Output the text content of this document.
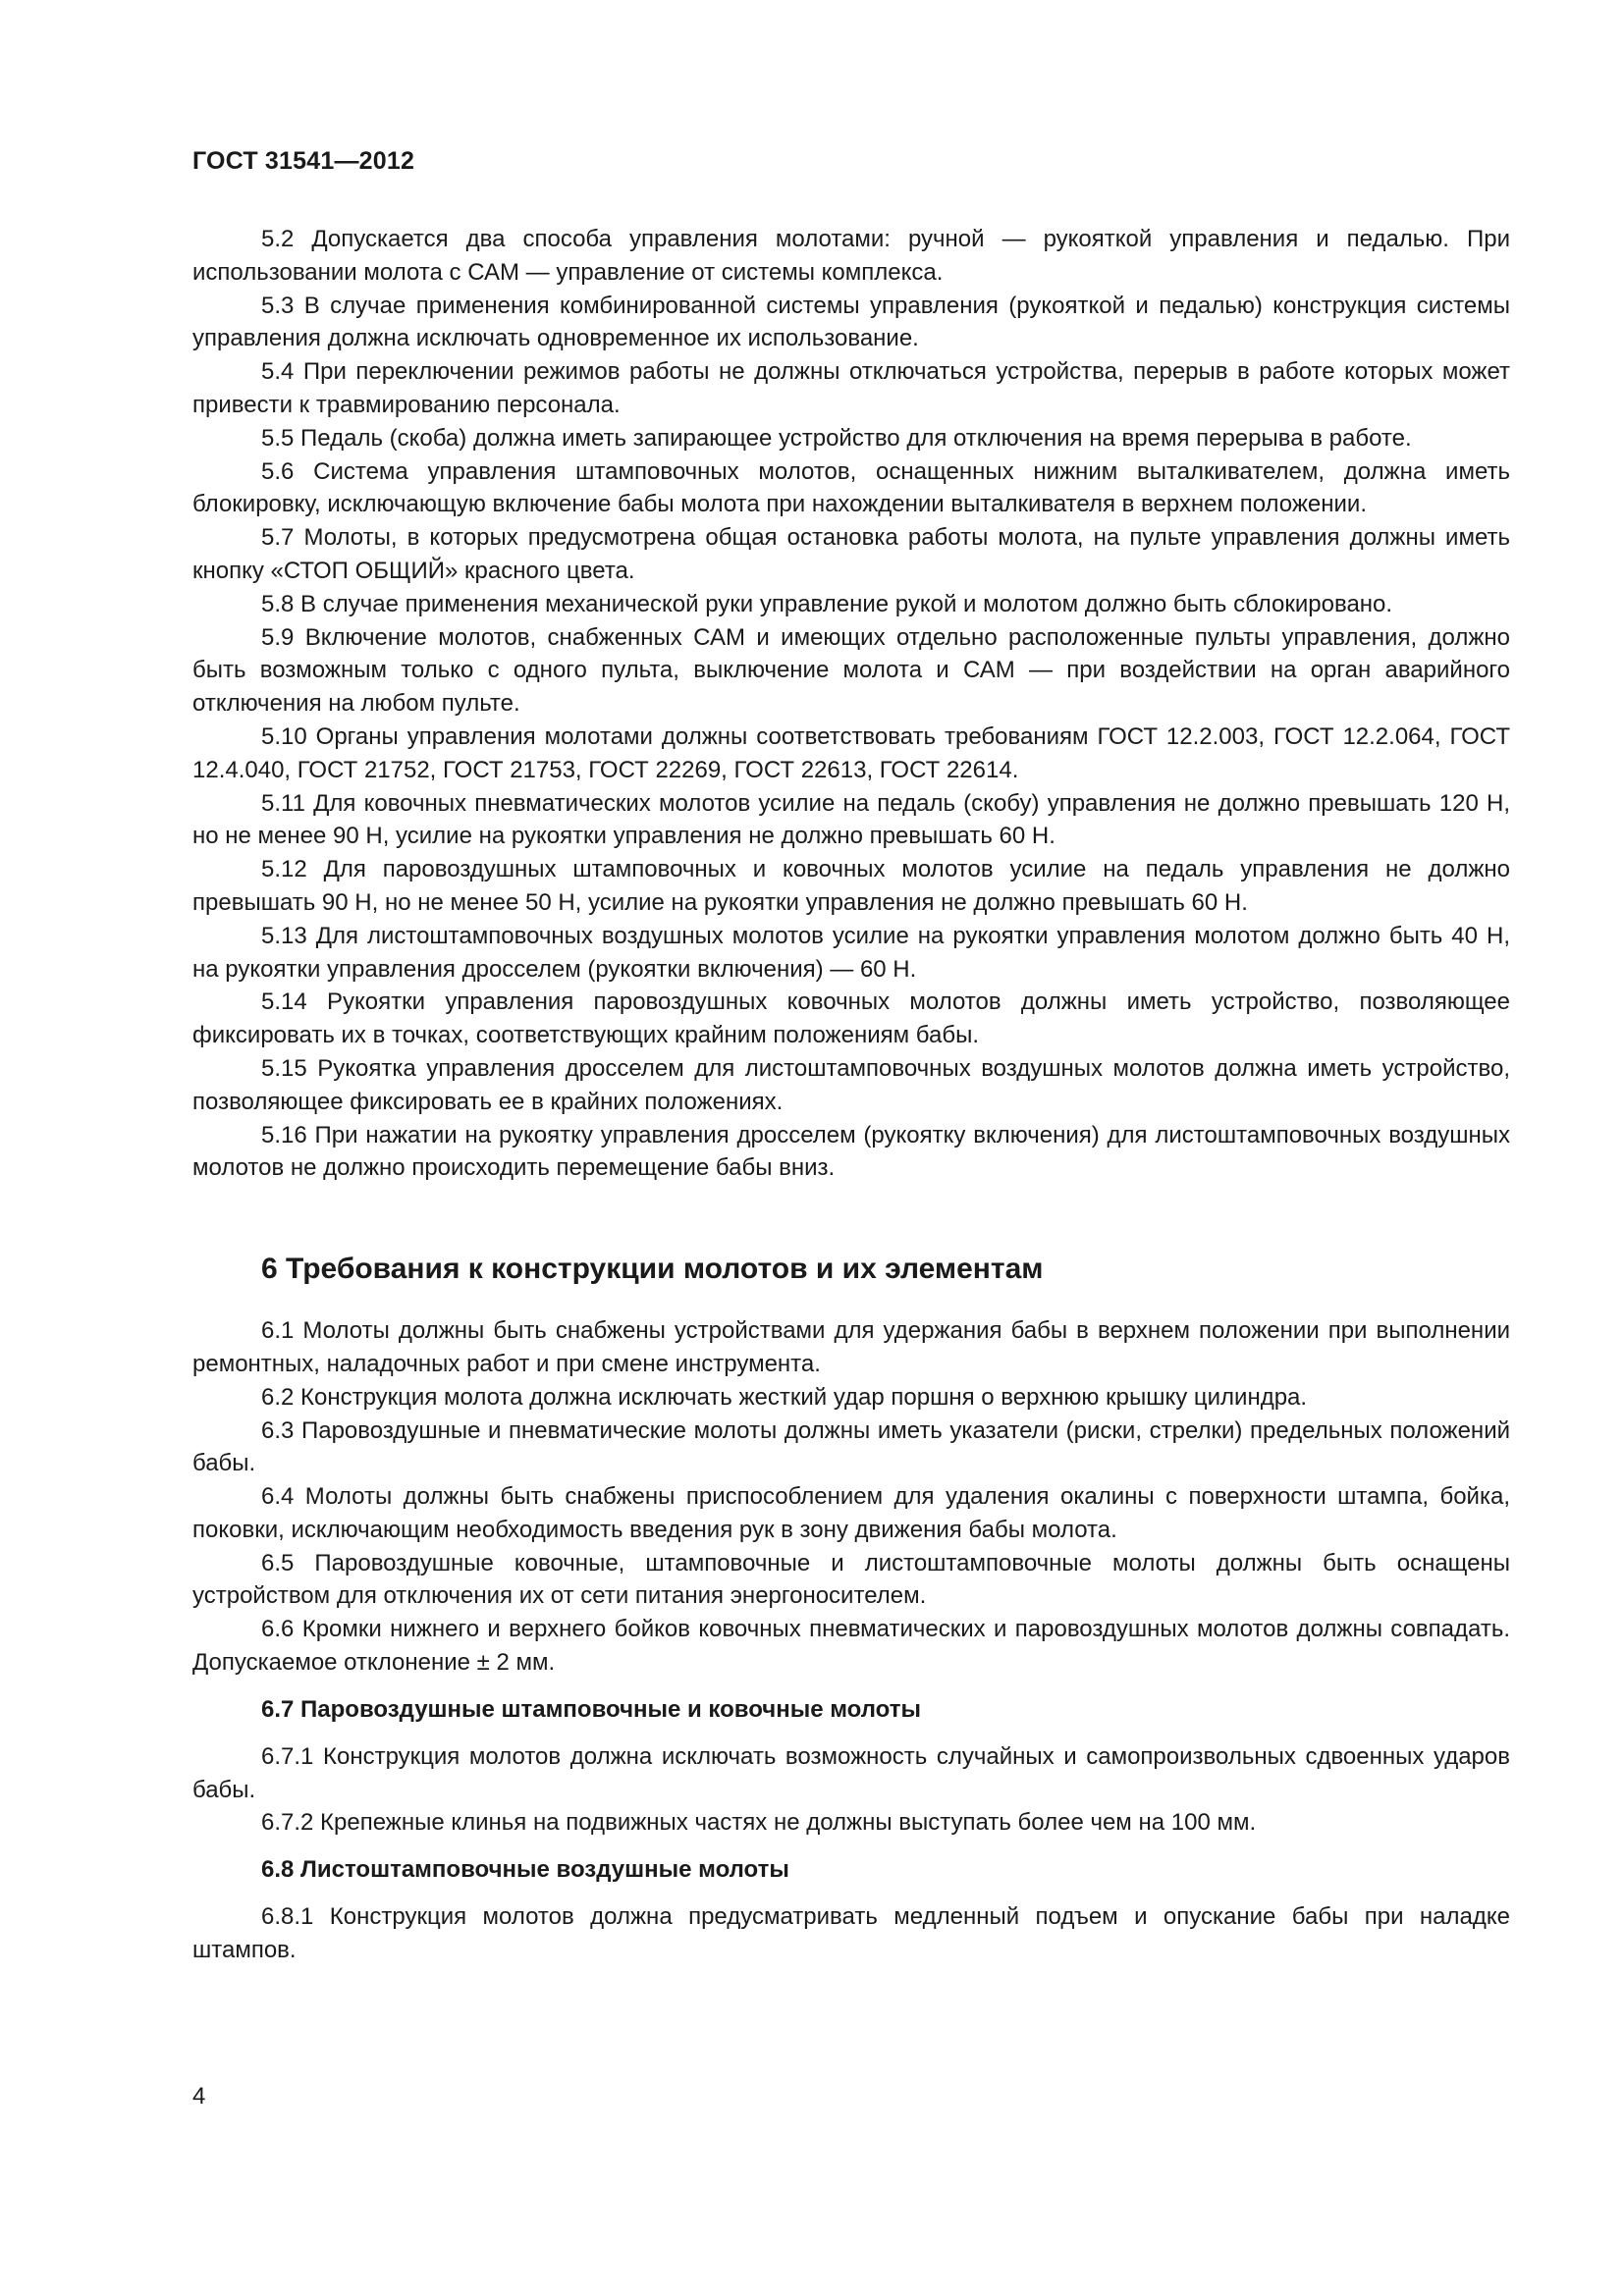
ГОСТ 31541—2012

5.2 Допускается два способа управления молотами: ручной — рукояткой управления и педалью. При использовании молота с САМ — управление от системы комплекса.

5.3 В случае применения комбинированной системы управления (рукояткой и педалью) конструкция системы управления должна исключать одновременное их использование.

5.4 При переключении режимов работы не должны отключаться устройства, перерыв в работе которых может привести к травмированию персонала.

5.5 Педаль (скоба) должна иметь запирающее устройство для отключения на время перерыва в работе.

5.6 Система управления штамповочных молотов, оснащенных нижним выталкивателем, должна иметь блокировку, исключающую включение бабы молота при нахождении выталкивателя в верхнем положении.

5.7 Молоты, в которых предусмотрена общая остановка работы молота, на пульте управления должны иметь кнопку «СТОП ОБЩИЙ» красного цвета.

5.8 В случае применения механической руки управление рукой и молотом должно быть сблокировано.

5.9 Включение молотов, снабженных САМ и имеющих отдельно расположенные пульты управления, должно быть возможным только с одного пульта, выключение молота и САМ — при воздействии на орган аварийного отключения на любом пульте.

5.10 Органы управления молотами должны соответствовать требованиям ГОСТ 12.2.003, ГОСТ 12.2.064, ГОСТ 12.4.040, ГОСТ 21752, ГОСТ 21753, ГОСТ 22269, ГОСТ 22613, ГОСТ 22614.

5.11 Для ковочных пневматических молотов усилие на педаль (скобу) управления не должно превышать 120 Н, но не менее 90 Н, усилие на рукоятки управления не должно превышать 60 Н.

5.12 Для паровоздушных штамповочных и ковочных молотов усилие на педаль управления не должно превышать 90 Н, но не менее 50 Н, усилие на рукоятки управления не должно превышать 60 Н.

5.13 Для листоштамповочных воздушных молотов усилие на рукоятки управления молотом должно быть 40 Н, на рукоятки управления дросселем (рукоятки включения) — 60 Н.

5.14 Рукоятки управления паровоздушных ковочных молотов должны иметь устройство, позволяющее фиксировать их в точках, соответствующих крайним положениям бабы.

5.15 Рукоятка управления дросселем для листоштамповочных воздушных молотов должна иметь устройство, позволяющее фиксировать ее в крайних положениях.

5.16 При нажатии на рукоятку управления дросселем (рукоятку включения) для листоштамповочных воздушных молотов не должно происходить перемещение бабы вниз.

6 Требования к конструкции молотов и их элементам

6.1 Молоты должны быть снабжены устройствами для удержания бабы в верхнем положении при выполнении ремонтных, наладочных работ и при смене инструмента.

6.2 Конструкция молота должна исключать жесткий удар поршня о верхнюю крышку цилиндра.

6.3 Паровоздушные и пневматические молоты должны иметь указатели (риски, стрелки) предельных положений бабы.

6.4 Молоты должны быть снабжены приспособлением для удаления окалины с поверхности штампа, бойка, поковки, исключающим необходимость введения рук в зону движения бабы молота.

6.5 Паровоздушные ковочные, штамповочные и листоштамповочные молоты должны быть оснащены устройством для отключения их от сети питания энергоносителем.

6.6 Кромки нижнего и верхнего бойков ковочных пневматических и паровоздушных молотов должны совпадать. Допускаемое отклонение ± 2 мм.

6.7 Паровоздушные штамповочные и ковочные молоты

6.7.1 Конструкция молотов должна исключать возможность случайных и самопроизвольных сдвоенных ударов бабы.

6.7.2 Крепежные клинья на подвижных частях не должны выступать более чем на 100 мм.

6.8 Листоштамповочные воздушные молоты

6.8.1 Конструкция молотов должна предусматривать медленный подъем и опускание бабы при наладке штампов.

4
